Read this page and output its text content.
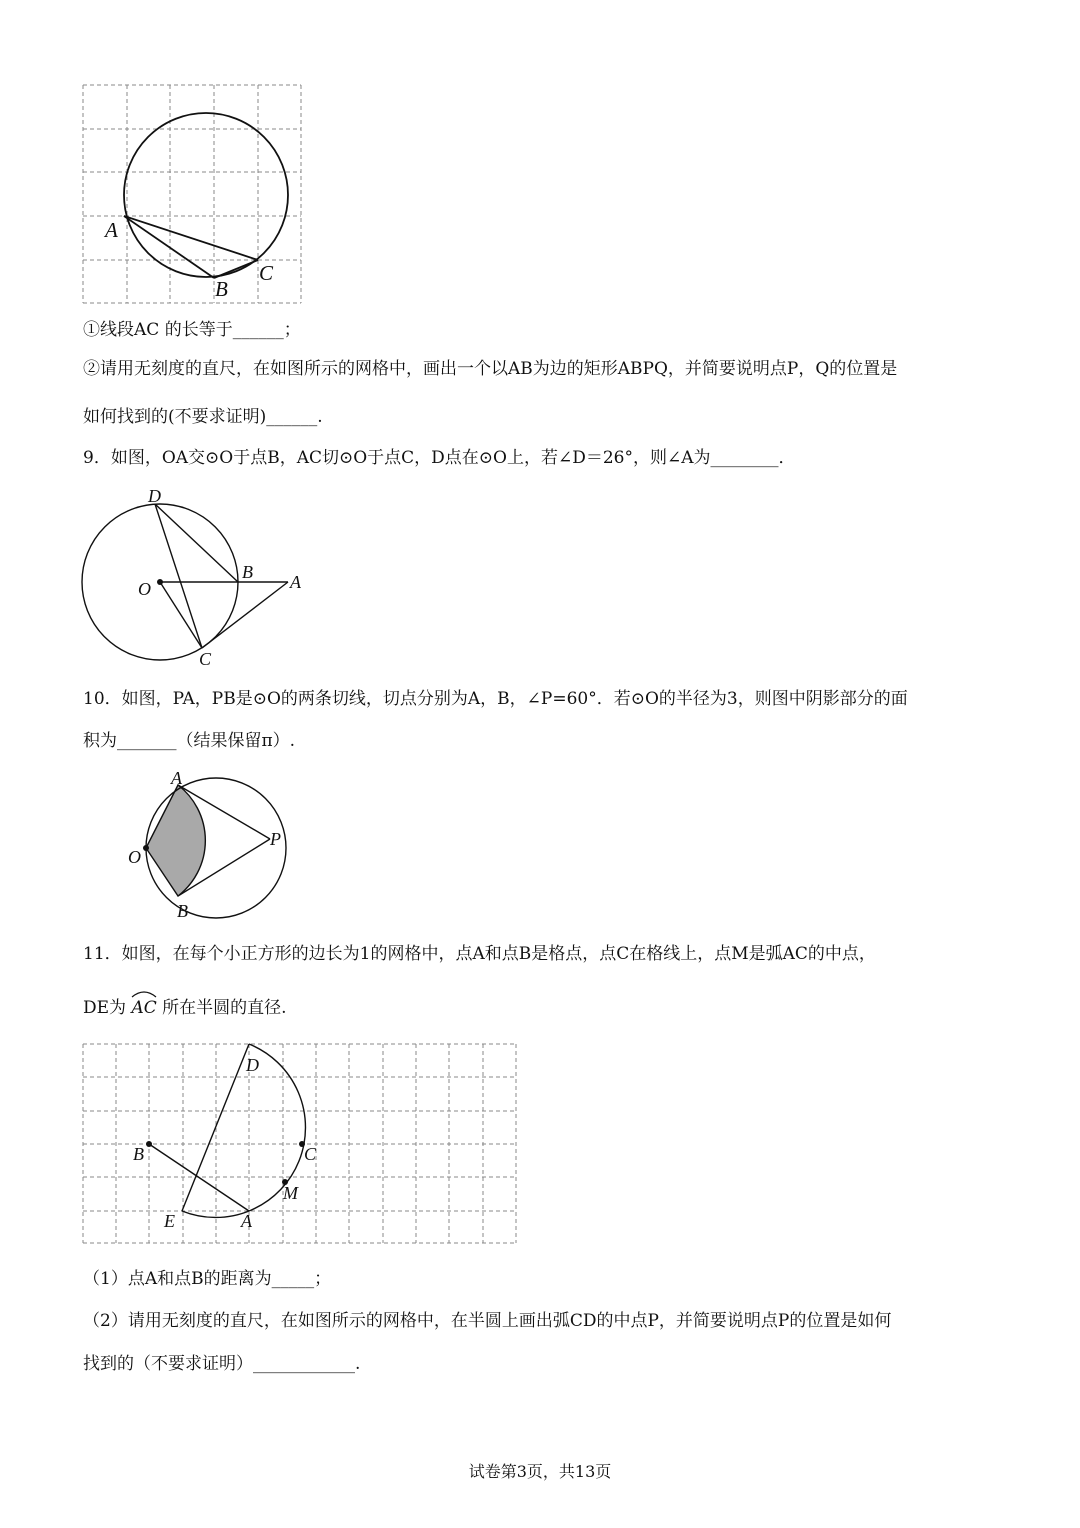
A
B
C
①线段AC 的长等于______；
②请用无刻度的直尺，在如图所示的网格中，画出一个以AB为边的矩形ABPQ，并简要说明点P，Q的位置是
如何找到的(不要求证明)______.
9．如图，OA交⊙O于点B，AC切⊙O于点C，D点在⊙O上，若∠D＝26°，则∠A为________．
D
O
B A
C
10．如图，PA，PB是⊙O的两条切线，切点分别为A，B，∠P=60°．若⊙O的半径为3，则图中阴影部分的面
积为_______（结果保留π）.
A
O
P
B
11．如图，在每个小正方形的边长为1的网格中，点A和点B是格点，点C在格线上，点M是弧AC的中点，
DE为 AC 所在半圆的直径.
D
B	C
M
E	A
（1）点A和点B的距离为_____；
（2）请用无刻度的直尺，在如图所示的网格中，在半圆上画出弧CD的中点P，并简要说明点P的位置是如何
找到的（不要求证明）____________.
试卷第3页，共13页
